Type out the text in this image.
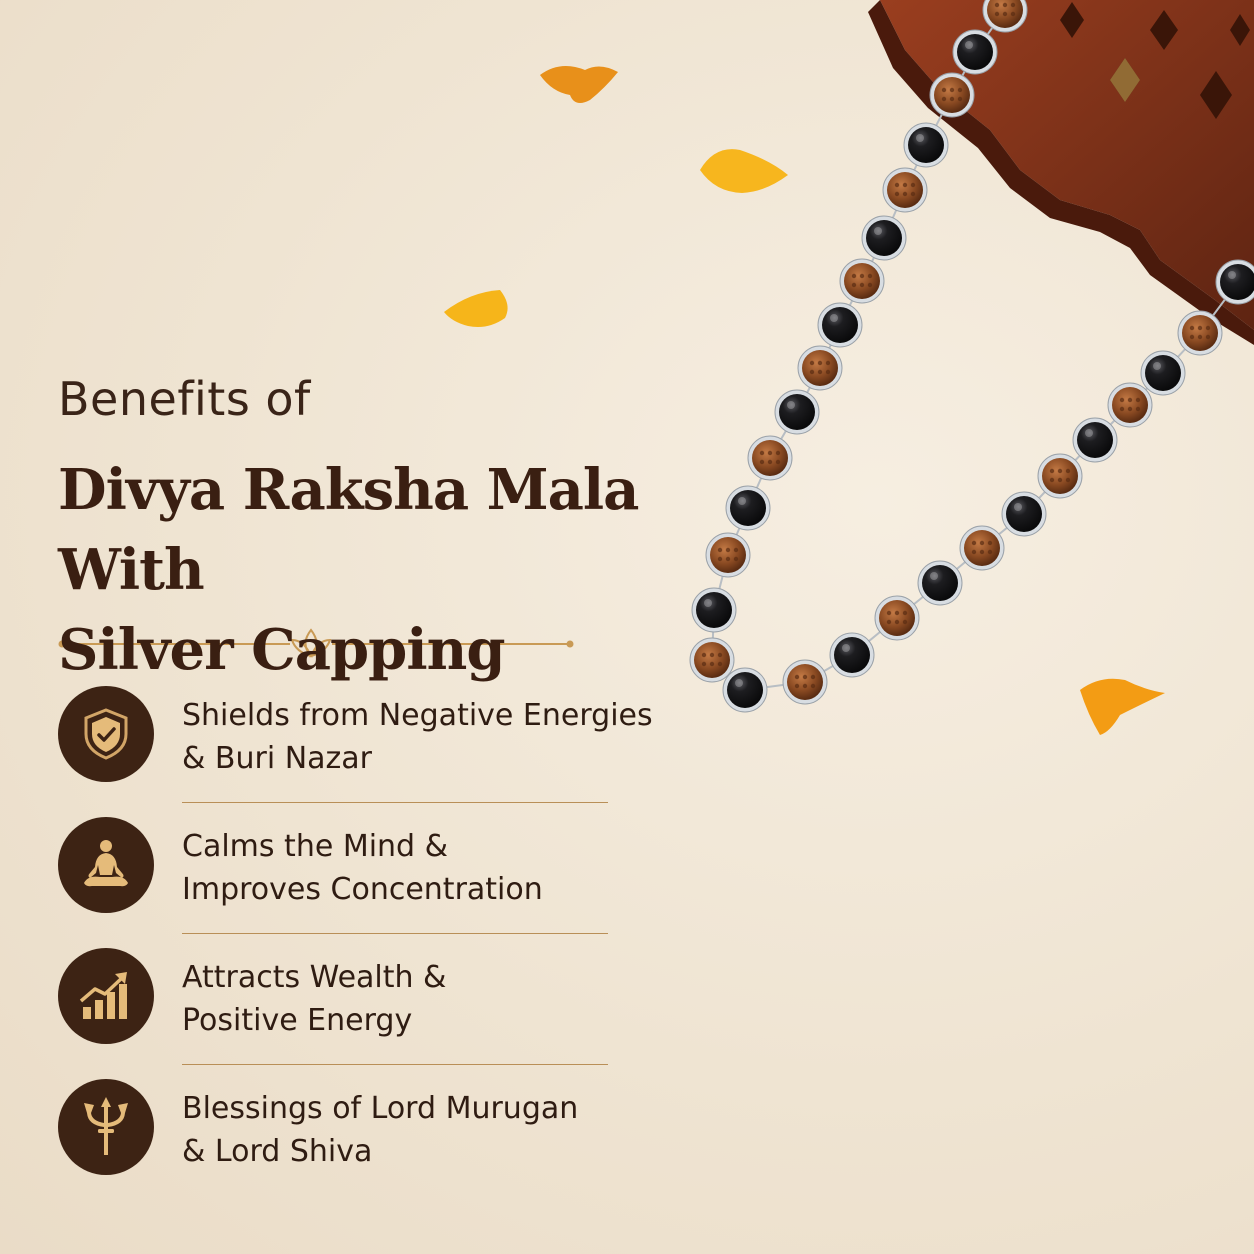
Benefits of
Divya Raksha Mala With
Silver Capping
Shields from Negative Energies
& Buri Nazar
Calms the Mind &
Improves Concentration
Attracts Wealth &
Positive Energy
Blessings of Lord Murugan
& Lord Shiva
